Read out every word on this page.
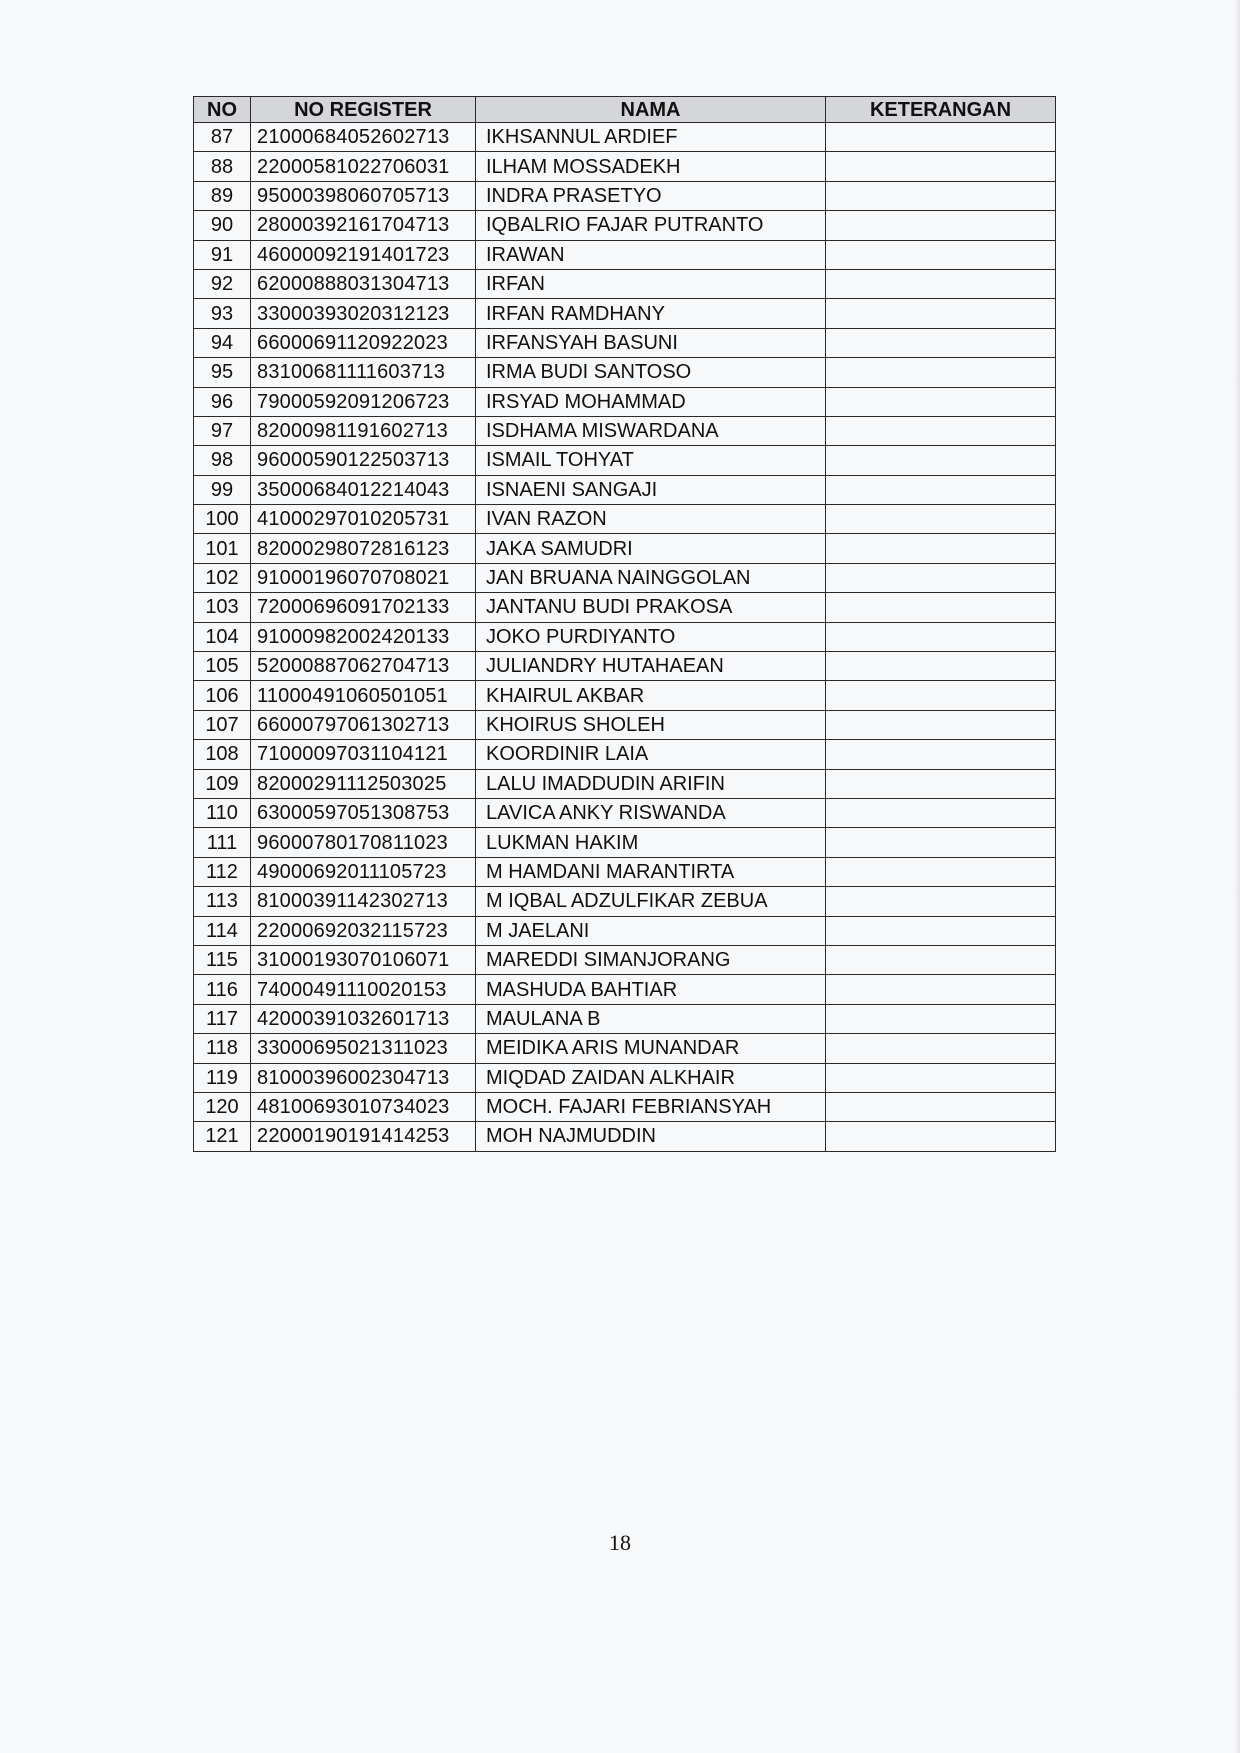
NO	NO REGISTER	NAMA	KETERANGAN
87	21000684052602713	IKHSANNUL ARDIEF	
88	22000581022706031	ILHAM MOSSADEKH	
89	95000398060705713	INDRA PRASETYO	
90	28000392161704713	IQBALRIO FAJAR PUTRANTO	
91	46000092191401723	IRAWAN	
92	62000888031304713	IRFAN	
93	33000393020312123	IRFAN RAMDHANY	
94	66000691120922023	IRFANSYAH BASUNI	
95	83100681111603713	IRMA BUDI SANTOSO	
96	79000592091206723	IRSYAD MOHAMMAD	
97	82000981191602713	ISDHAMA MISWARDANA	
98	96000590122503713	ISMAIL TOHYAT	
99	35000684012214043	ISNAENI SANGAJI	
100	41000297010205731	IVAN RAZON	
101	82000298072816123	JAKA SAMUDRI	
102	91000196070708021	JAN BRUANA NAINGGOLAN	
103	72000696091702133	JANTANU BUDI PRAKOSA	
104	91000982002420133	JOKO PURDIYANTO	
105	52000887062704713	JULIANDRY HUTAHAEAN	
106	11000491060501051	KHAIRUL AKBAR	
107	66000797061302713	KHOIRUS SHOLEH	
108	71000097031104121	KOORDINIR LAIA	
109	82000291112503025	LALU IMADDUDIN ARIFIN	
110	63000597051308753	LAVICA ANKY RISWANDA	
111	96000780170811023	LUKMAN HAKIM	
112	49000692011105723	M HAMDANI MARANTIRTA	
113	81000391142302713	M IQBAL ADZULFIKAR ZEBUA	
114	22000692032115723	M JAELANI	
115	31000193070106071	MAREDDI SIMANJORANG	
116	74000491110020153	MASHUDA BAHTIAR	
117	42000391032601713	MAULANA B	
118	33000695021311023	MEIDIKA ARIS MUNANDAR	
119	81000396002304713	MIQDAD ZAIDAN ALKHAIR	
120	48100693010734023	MOCH. FAJARI FEBRIANSYAH	
121	22000190191414253	MOH NAJMUDDIN	
18
